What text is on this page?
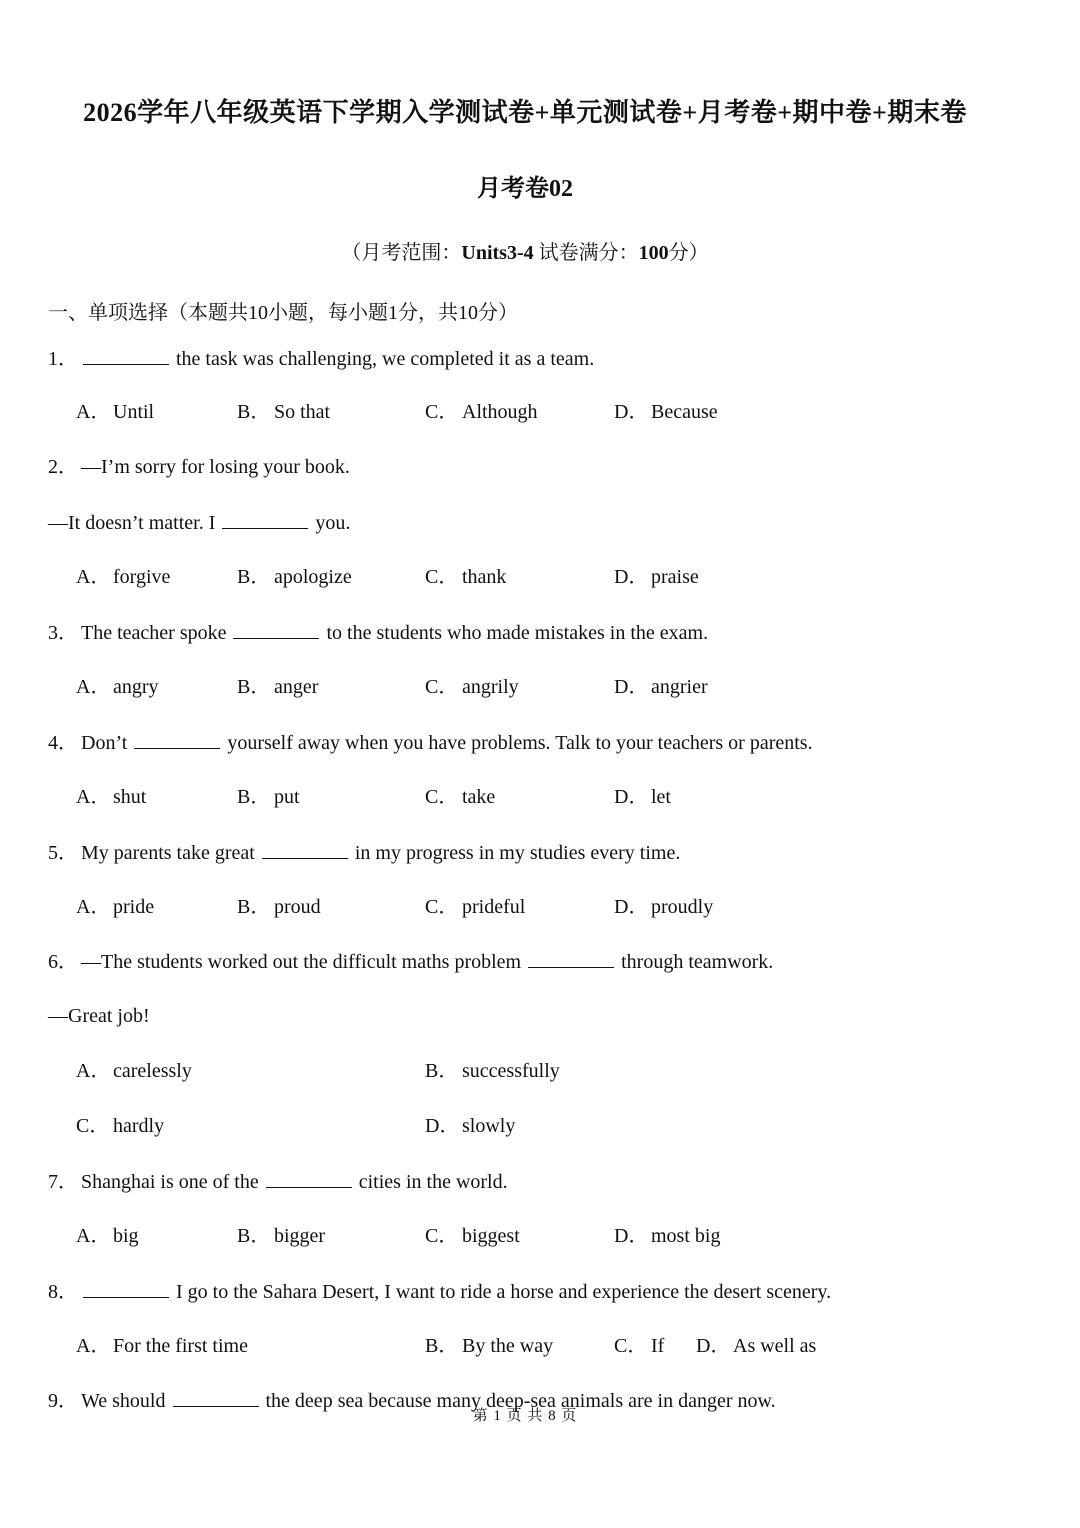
2026学年八年级英语下学期入学测试卷+单元测试卷+月考卷+期中卷+期末卷
月考卷02
（月考范围：Units3-4 试卷满分：100分）
一、单项选择（本题共10小题，每小题1分，共10分）
1．	the task was challenging, we completed it as a team.
A． Until	B． So that	C． Although	D． Because
2． —I’m sorry for losing your book.
—It doesn’t matter. I	you.
A． forgive	B． apologize	C． thank	D． praise
3． The teacher spoke	to the students who made mistakes in the exam.
A． angry	B． anger	C． angrily	D． angrier
4． Don’t	yourself away when you have problems. Talk to your teachers or parents.
A． shut	B． put	C． take	D． let
5． My parents take great	in my progress in my studies every time.
A． pride	B． proud	C． prideful	D． proudly
6． —The students worked out the difficult maths problem	through teamwork.
—Great job!
A． carelessly	B． successfully
C． hardly	D． slowly
7． Shanghai is one of the	cities in the world.
A． big	B． bigger	C． biggest	D． most big
8．	I go to the Sahara Desert, I want to ride a horse and experience the desert scenery.
A． For the first time	B． By the way	C． If D． As well as
9． We should	the deep sea because many deep-sea animals are in danger now.
第 1 页 共 8 页
